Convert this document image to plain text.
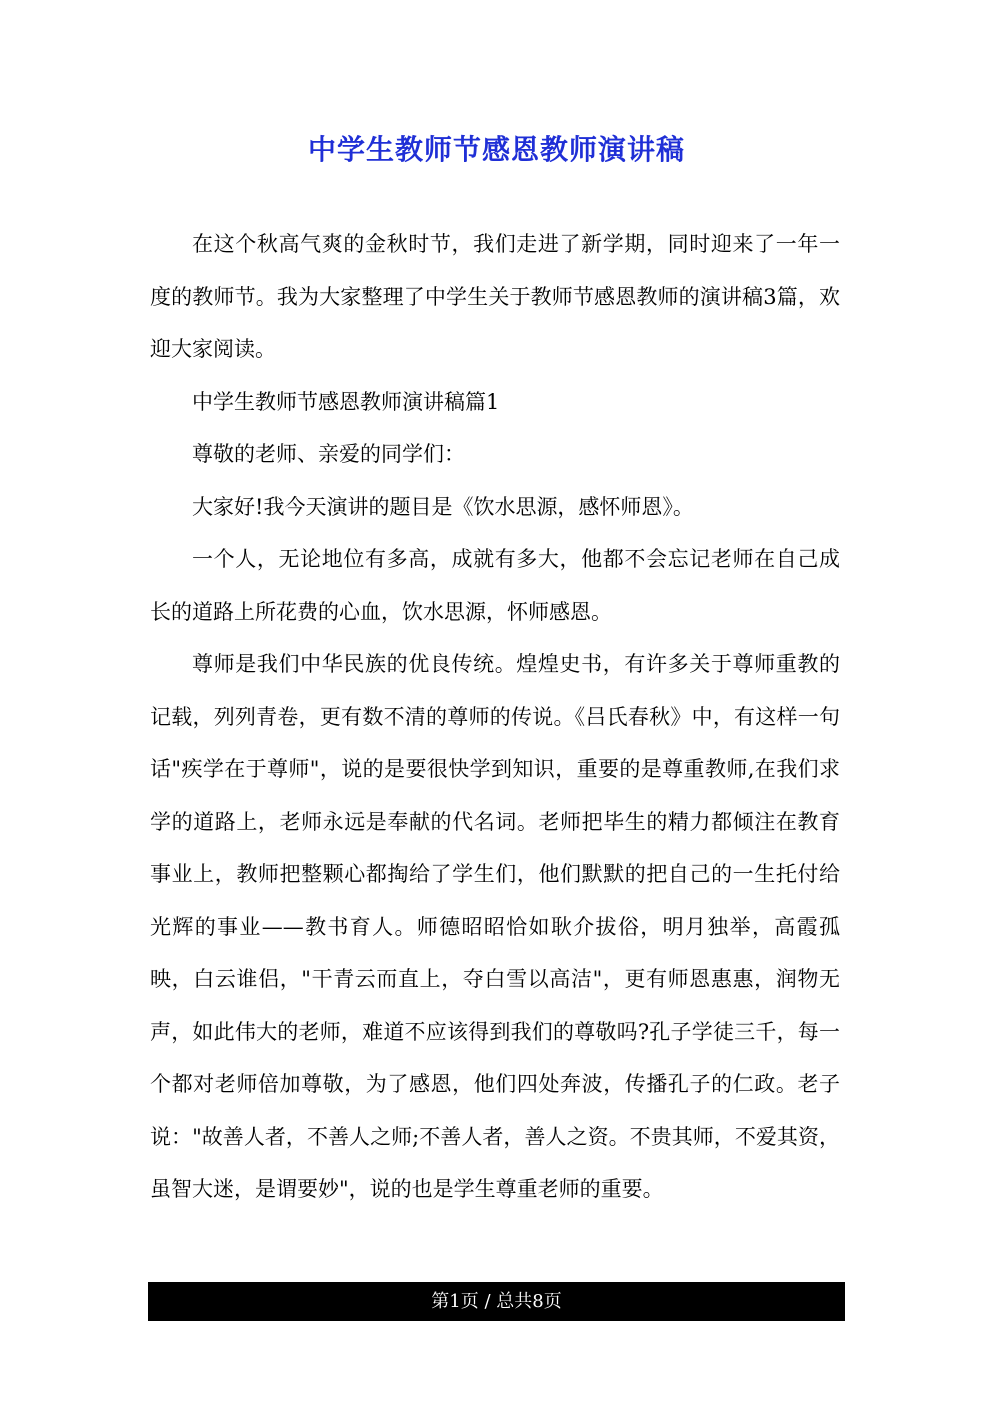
中学生教师节感恩教师演讲稿

在这个秋高气爽的金秋时节，我们走进了新学期，同时迎来了一年一度的教师节。我为大家整理了中学生关于教师节感恩教师的演讲稿3篇，欢迎大家阅读。

中学生教师节感恩教师演讲稿篇1

尊敬的老师、亲爱的同学们：

大家好!我今天演讲的题目是《饮水思源，感怀师恩》。

一个人，无论地位有多高，成就有多大，他都不会忘记老师在自己成长的道路上所花费的心血，饮水思源，怀师感恩。

尊师是我们中华民族的优良传统。煌煌史书，有许多关于尊师重教的记载，列列青卷，更有数不清的尊师的传说。《吕氏春秋》中，有这样一句话"疾学在于尊师"，说的是要很快学到知识，重要的是尊重教师,在我们求学的道路上，老师永远是奉献的代名词。老师把毕生的精力都倾注在教育事业上，教师把整颗心都掏给了学生们，他们默默的把自己的一生托付给光辉的事业——教书育人。师德昭昭恰如耿介拔俗，明月独举，高霞孤映，白云谁侣，"干青云而直上，夺白雪以高洁"，更有师恩惠惠，润物无声，如此伟大的老师，难道不应该得到我们的尊敬吗?孔子学徒三千，每一个都对老师倍加尊敬，为了感恩，他们四处奔波，传播孔子的仁政。老子说："故善人者，不善人之师;不善人者，善人之资。不贵其师，不爱其资，虽智大迷，是谓要妙"，说的也是学生尊重老师的重要。

第1页 / 总共8页
